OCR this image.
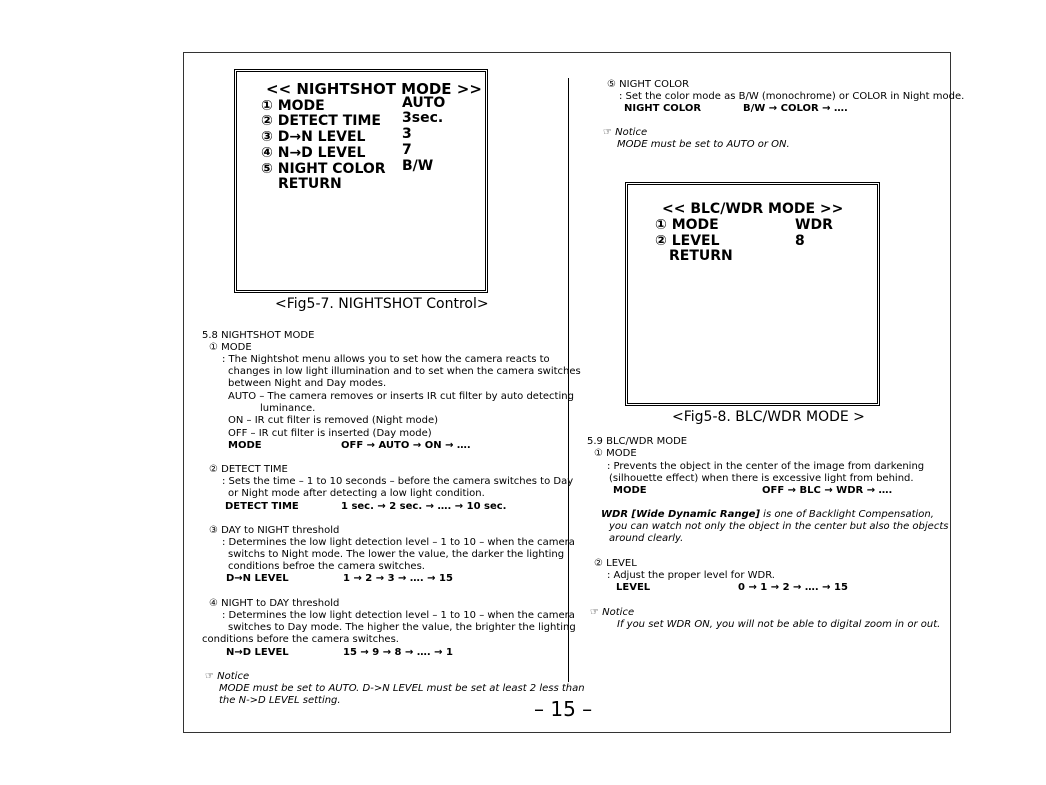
<< NIGHTSHOT MODE >>
① MODE	AUTO
② DETECT TIME 3sec.
③ D→N LEVEL	3
④ N→D LEVEL	7
⑤ NIGHT COLOR B/W
RETURN
<Fig5-7. NIGHTSHOT Control>
5.8 NIGHTSHOT MODE
① MODE
: The Nightshot menu allows you to set how the camera reacts to
changes in low light illumination and to set when the camera switches
between Night and Day modes.
AUTO – The camera removes or inserts IR cut filter by auto detecting
luminance.
ON – IR cut filter is removed (Night mode)
OFF – IR cut filter is inserted (Day mode)
MODE	OFF → AUTO → ON → ….
② DETECT TIME
: Sets the time – 1 to 10 seconds – before the camera switches to Day
or Night mode after detecting a low light condition.
DETECT TIME	1 sec. → 2 sec. → …. → 10 sec.
③ DAY to NIGHT threshold
: Determines the low light detection level – 1 to 10 – when the camera
switchs to Night mode. The lower the value, the darker the lighting
conditions befroe the camera switches.
D→N LEVEL	1 → 2 → 3 → …. → 15
④ NIGHT to DAY threshold
: Determines the low light detection level – 1 to 10 – when the camera
switches to Day mode. The higher the value, the brighter the lighting
conditions before the camera switches.
N→D LEVEL	15 → 9 → 8 → …. → 1
☞ Notice
MODE must be set to AUTO. D->N LEVEL must be set at least 2 less than
the N->D LEVEL setting.
⑤ NIGHT COLOR
: Set the color mode as B/W (monochrome) or COLOR in Night mode.
NIGHT COLOR	B/W → COLOR → ….
☞ Notice
MODE must be set to AUTO or ON.
<< BLC/WDR MODE >>
① MODE	WDR
② LEVEL	8
RETURN
<Fig5-8. BLC/WDR MODE >
5.9 BLC/WDR MODE
① MODE
: Prevents the object in the center of the image from darkening
(silhouette effect) when there is excessive light from behind.
MODE	OFF → BLC → WDR → ….
WDR [Wide Dynamic Range] is one of Backlight Compensation,
you can watch not only the object in the center but also the objects
around clearly.
② LEVEL
: Adjust the proper level for WDR.
LEVEL	0 → 1 → 2 → …. → 15
☞ Notice
If you set WDR ON, you will not be able to digital zoom in or out.
– 15 –
